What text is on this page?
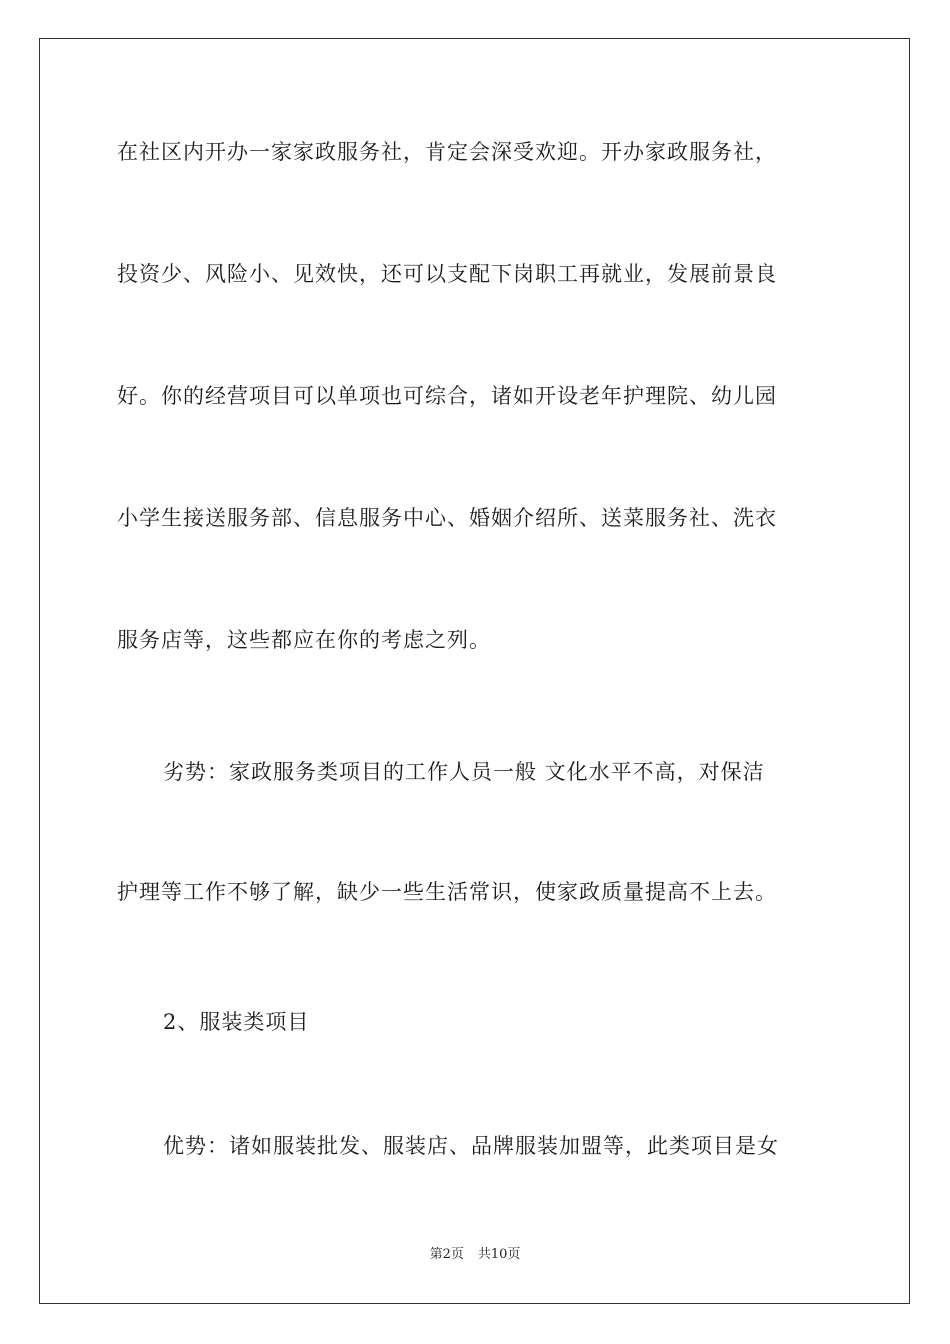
在社区内开办一家家政服务社，肯定会深受欢迎。开办家政服务社，
投资少、风险小、见效快，还可以支配下岗职工再就业，发展前景良
好。你的经营项目可以单项也可综合，诸如开设老年护理院、幼儿园
小学生接送服务部、信息服务中心、婚姻介绍所、送菜服务社、洗衣
服务店等，这些都应在你的考虑之列。
劣势：家政服务类项目的工作人员一般 文化水平不高，对保洁
护理等工作不够了解，缺少一些生活常识，使家政质量提高不上去。
2、服装类项目
优势：诸如服装批发、服装店、品牌服装加盟等，此类项目是女
第2页 共10页
